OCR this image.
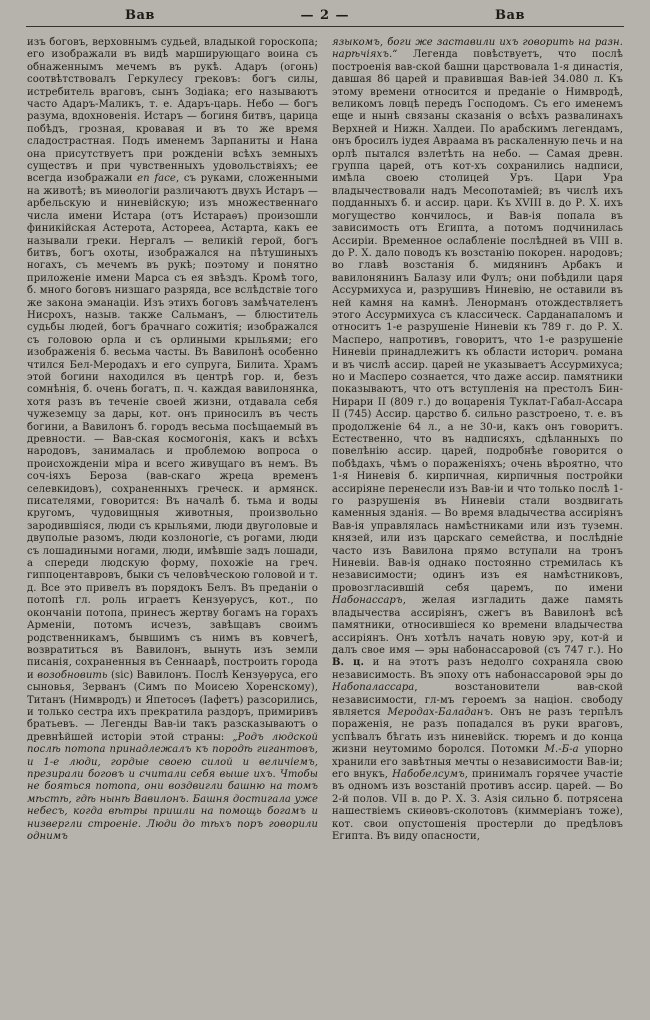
Вав	— 2 —	Вав
изъ боговъ, верховнымъ судьей, владыкой гороскопа; его изображали въ видѣ марширующаго воина съ обнаженнымъ мечемъ въ рукѣ. Адаръ (огонь) соотвѣтствовалъ Геркулесу грековъ: богъ силы, истребитель враговъ, сынъ Зодіака; его называютъ часто Адаръ-Маликъ, т. е. Адаръ-царь. Небо — богъ разума, вдохновенія. Истаръ — богиня битвъ, царица побѣдъ, грозная, кровавая и въ то же время сладострастная. Подъ именемъ Зарпаниты и Нана она присутствуетъ при рожденіи всѣхъ земныхъ существъ и при чувственныхъ удовольствіяхъ; ее всегда изображали en face, съ руками, сложенными на животѣ; въ миѳологіи различаютъ двухъ Истаръ — арбельскую и ниневійскую; изъ множественнаго числа имени Истара (отъ Истараѳъ) произошли финикійская Астерота, Асторееа, Астарта, какъ ее называли греки. Нергалъ — великій герой, богъ битвъ, богъ охоты, изображался на пѣтушиныхъ ногахъ, съ мечемъ въ рукѣ; поэтому и понятно приложеніе имени Марса съ ея звѣздъ. Кромѣ того, б. много боговъ низшаго разряда, все вслѣдствіе того же закона эманаціи. Изъ этихъ боговъ замѣчателенъ Нисрохъ, назыв. также Сальманъ, — блюститель судьбы людей, богъ брачнаго сожитія; изображался съ головою орла и съ орлиными крыльями; его изображенія б. весьма часты. Въ Вавилонѣ особенно чтился Бел-Меродахъ и его супруга, Билита. Храмъ этой богини находился въ центрѣ гор. и, безъ сомнѣнія, б. очень богатъ, п. ч. каждая вавилонянка, хотя разъ въ теченіе своей жизни, отдавала себя чужеземцу за дары, кот. онъ приносилъ въ честь богини, а Вавилонъ б. городъ весьма посѣщаемый въ древности. — Вав-ская космогонія, какъ и всѣхъ народовъ, занималась и проблемою вопроса о происхожденіи міра и всего живущаго въ немъ. Въ соч-іяхъ Бероза (вав-скаго жреца временъ селевкидовъ), сохраненныхъ греческ. и армянск. писателями, говорится: Въ началѣ б. тьма и воды кругомъ, чудовищныя животныя, произвольно зародившіяся, люди съ крыльями, люди двуголовые и двуполые разомъ, люди козлоногіе, съ рогами, люди съ лошадиными ногами, люди, имѣвшіе задъ лошади, а спереди людскую форму, похожіе на греч. гиппоцентавровъ, быки съ человѣческою головой и т. д. Все это привелъ въ порядокъ Белъ. Въ преданіи о потопѣ гл. роль играетъ Кензуѳрусъ, кот., по окончаніи потопа, принесъ жертву богамъ на горахъ Арменіи, потомъ исчезъ, завѣщавъ своимъ родственникамъ, бывшимъ съ нимъ въ ковчегѣ, возвратиться въ Вавилонъ, вынуть изъ земли писанія, сохраненныя въ Сеннаарѣ, построить города и возобновить (sic) Вавилонъ. Послѣ Кензуѳруса, его сыновья, Зерванъ (Симъ по Моисею Хоренскому), Титанъ (Нимвродъ) и Япетосѳъ (Іафетъ) разсорились, и только сестра ихъ прекратила раздоръ, примиривъ братьевъ. — Легенды Вав-іи такъ разсказываютъ о древнѣйшей исторіи этой страны: „Родъ людской послѣ потопа принадлежалъ къ породѣ гигантовъ, и 1-е люди, гордые своею силой и величіемъ, презирали боговъ и считали себя выше ихъ. Чтобы не бояться потопа, они воздвигли башню на томъ мѣстѣ, гдѣ нынѣ Вавилонъ. Башня достигала уже небесъ, когда вѣтры пришли на помощь богамъ и низвергли строеніе. Люди до тѣхъ поръ говорили однимъ
языкомъ, боги же заставили ихъ говорить на разн. нарѣчіяхъ.“ Легенда повѣствуетъ, что послѣ построенія вав-ской башни царствовала 1-я династія, давшая 86 царей и правившая Вав-іей 34.080 л. Къ этому времени относится и преданіе о Нимвродѣ, великомъ ловцѣ передъ Господомъ. Съ его именемъ еще и нынѣ связаны сказанія о всѣхъ развалинахъ Верхней и Нижн. Халдеи. По арабскимъ легендамъ, онъ бросилъ іудея Авраама въ раскаленную печь и на орлѣ пытался взлетѣть на небо. — Самая древн. группа царей, отъ кот-хъ сохранились надписи, имѣла своею столицей Уръ. Цари Ура владычествовали надъ Месопотаміей; въ числѣ ихъ подданныхъ б. и ассир. цари. Къ XVIII в. до Р. Х. ихъ могущество кончилось, и Вав-ія попала въ зависимость отъ Египта, а потомъ подчинилась Ассиріи. Временное ослабленіе послѣдней въ VIII в. до Р. Х. дало поводъ къ возстанію покорен. народовъ; во главѣ возстанія б. мидянинъ Арбакъ и вавилонянинъ Балазу или Фулъ; они побѣдили царя Ассурмихуса и, разрушивъ Ниневію, не оставили въ ней камня на камнѣ. Ленорманъ отождествляетъ этого Ассурмихуса съ классическ. Сарданапаломъ и относитъ 1-е разрушеніе Ниневіи къ 789 г. до Р. Х. Масперо, напротивъ, говоритъ, что 1-е разрушеніе Ниневіи принадлежитъ къ области историч. романа и въ числѣ ассир. царей не указываетъ Ассурмихуса; но и Масперо сознается, что даже ассир. памятники показываютъ, что отъ вступленія на престолъ Бин-Нирари II (809 г.) до воцаренія Туклат-Габал-Ассара II (745) Ассир. царство б. сильно разстроено, т. е. въ продолженіе 64 л., а не 30-и, какъ онъ говоритъ. Естественно, что въ надписяхъ, сдѣланныхъ по повелѣнію ассир. царей, подробнѣе говорится о побѣдахъ, чѣмъ о пораженіяхъ; очень вѣроятно, что 1-я Ниневія б. кирпичная, кирпичныя постройки ассиріяне перенесли изъ Вав-іи и что только послѣ 1-го разрушенія въ Ниневіи стали воздвигать каменныя зданія. — Во время владычества ассиріянъ Вав-ія управлялась намѣстниками или изъ туземн. князей, или изъ царскаго семейства, и послѣдніе часто изъ Вавилона прямо вступали на тронъ Ниневіи. Вав-ія однако постоянно стремилась къ независимости; одинъ изъ ея намѣстниковъ, провозгласившій себя царемъ, по имени Набонассаръ, желая изгладить даже память владычества ассиріянъ, сжегъ въ Вавилонѣ всѣ памятники, относившіеся ко времени владычества ассиріянъ. Онъ хотѣлъ начать новую эру, кот-й и далъ свое имя — эры набонассаровой (съ 747 г.). Но В. ц. и на этотъ разъ недолго сохраняла свою независимость. Въ эпоху отъ набонассаровой эры до Набопалассара, возстановители вав-ской независимости, гл-мъ героемъ за націон. свободу является Меродах-Баладанъ. Онъ не разъ терпѣлъ пораженія, не разъ попадался въ руки враговъ, успѣвалъ бѣгать изъ ниневійск. тюремъ и до конца жизни неутомимо боролся. Потомки М.-Б-а упорно хранили его завѣтныя мечты о независимости Вав-іи; его внукъ, Набобелсумъ, принималъ горячее участіе въ одномъ изъ возстаній противъ ассир. царей. — Во 2-й полов. VII в. до Р. Х. З. Азія сильно б. потрясена нашествіемъ скиѳовъ-сколотовъ (киммеріанъ тоже), кот. свои опустошенія простерли до предѣловъ Египта. Въ виду опасности,
